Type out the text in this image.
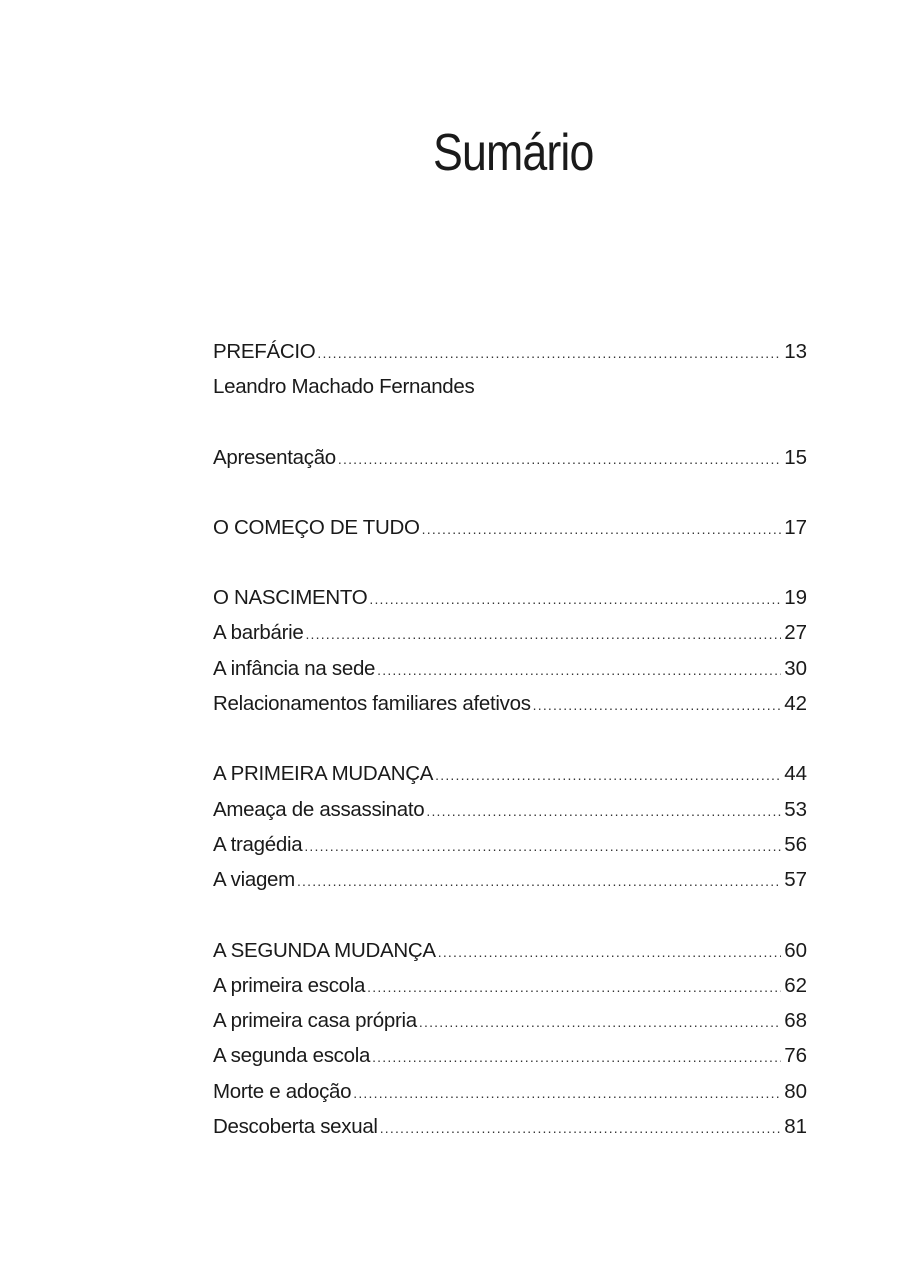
Sumário
PREFÁCIO .....	13
Leandro Machado Fernandes
Apresentação .....	15
O COMEÇO DE TUDO .....	17
O NASCIMENTO .....	19
A barbárie .....	27
A infância na sede .....	30
Relacionamentos familiares afetivos .....	42
A PRIMEIRA MUDANÇA .....	44
Ameaça de assassinato .....	53
A tragédia .....	56
A viagem .....	57
A SEGUNDA MUDANÇA .....	60
A primeira escola .....	62
A primeira casa própria .....	68
A segunda escola .....	76
Morte e adoção .....	80
Descoberta sexual .....	81
